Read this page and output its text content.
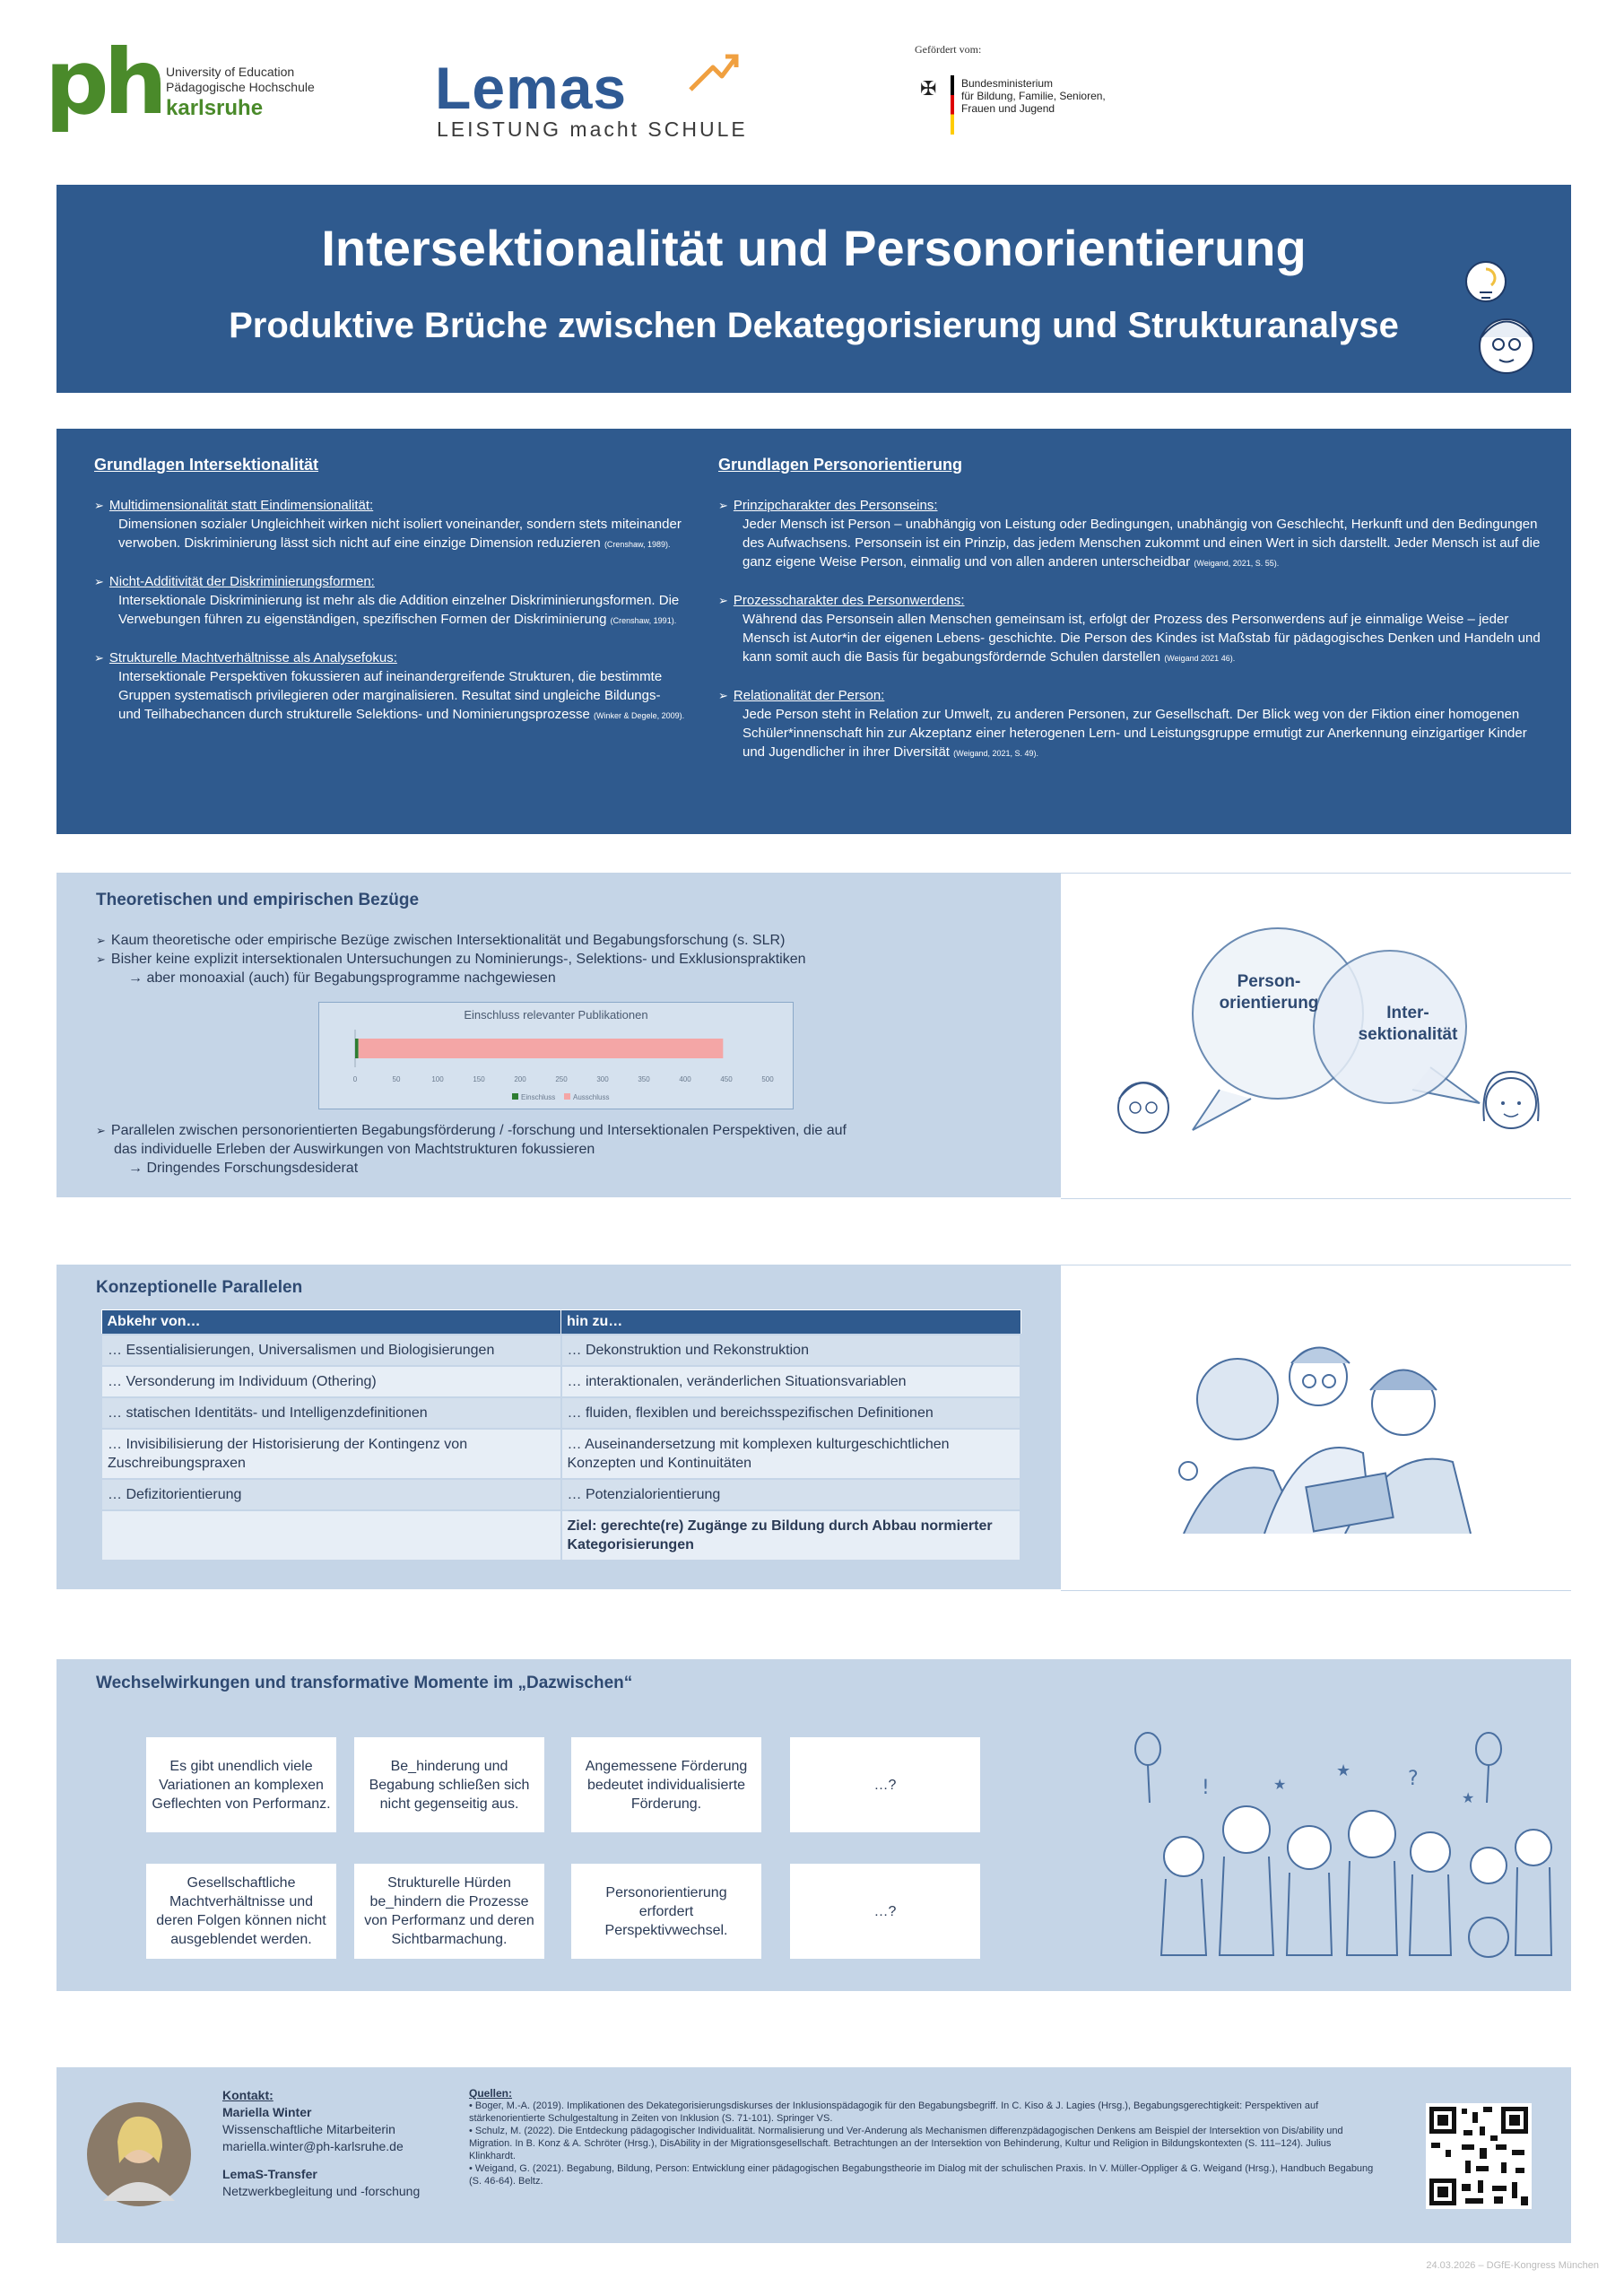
ph University of Education
Pädagogische Hochschule
karlsruhe	Lemas
LEISTUNG macht SCHULE
Gefördert vom:
✠ Bundesministerium
für Bildung, Familie, Senioren,
Frauen und Jugend
Intersektionalität und Personorientierung
Produktive Brüche zwischen Dekategorisierung und Strukturanalyse
Grundlagen Intersektionalität
➢ Multidimensionalität statt Eindimensionalität:
Dimensionen sozialer Ungleichheit wirken nicht isoliert voneinander, sondern stets miteinander verwoben. Diskriminierung lässt sich nicht auf eine einzige Dimension reduzieren (Crenshaw, 1989).
➢ Nicht-Additivität der Diskriminierungsformen:
Intersektionale Diskriminierung ist mehr als die Addition einzelner Diskriminierungsformen. Die Verwebungen führen zu eigenständigen, spezifischen Formen der Diskriminierung (Crenshaw, 1991).
➢ Strukturelle Machtverhältnisse als Analysefokus:
Intersektionale Perspektiven fokussieren auf ineinandergreifende Strukturen, die bestimmte Gruppen systematisch privilegieren oder marginalisieren. Resultat sind ungleiche Bildungs- und Teilhabechancen durch strukturelle Selektions- und Nominierungsprozesse (Winker & Degele, 2009).
Grundlagen Personorientierung
➢ Prinzipcharakter des Personseins:
Jeder Mensch ist Person – unabhängig von Leistung oder Bedingungen, unabhängig von Geschlecht, Herkunft und den Bedingungen des Aufwachsens. Personsein ist ein Prinzip, das jedem Menschen zukommt und einen Wert in sich darstellt. Jeder Mensch ist auf die ganz eigene Weise Person, einmalig und von allen anderen unterscheidbar (Weigand, 2021, S. 55).
➢ Prozesscharakter des Personwerdens:
Während das Personsein allen Menschen gemeinsam ist, erfolgt der Prozess des Personwerdens auf je einmalige Weise – jeder Mensch ist Autor*in der eigenen Lebens- geschichte. Die Person des Kindes ist Maßstab für pädagogisches Denken und Handeln und kann somit auch die Basis für begabungsfördernde Schulen darstellen (Weigand 2021 46).
➢ Relationalität der Person:
Jede Person steht in Relation zur Umwelt, zu anderen Personen, zur Gesellschaft. Der Blick weg von der Fiktion einer homogenen Schüler*innenschaft hin zur Akzeptanz einer heterogenen Lern- und Leistungsgruppe ermutigt zur Anerkennung einzigartiger Kinder und Jugendlicher in ihrer Diversität (Weigand, 2021, S. 49).
Theoretischen und empirischen Bezüge
➢ Kaum theoretische oder empirische Bezüge zwischen Intersektionalität und Begabungsforschung (s. SLR)
➢ Bisher keine explizit intersektionalen Untersuchungen zu Nominierungs-, Selektions- und Exklusionspraktiken
→ aber monoaxial (auch) für Begabungsprogramme nachgewiesen
Einschluss relevanter Publikationen
0	50	100	150	200	250	300	350	400	450	500
Einschluss Ausschluss
➢ Parallelen zwischen personorientierten Begabungsförderung / -forschung und Intersektionalen Perspektiven, die auf
das individuelle Erleben der Auswirkungen von Machtstrukturen fokussieren
→ Dringendes Forschungsdesiderat
Person-orientierung
Inter-sektionalität
Konzeptionelle Parallelen
Abkehr von…	hin zu…
… Essentialisierungen, Universalismen und Biologisierungen	… Dekonstruktion und Rekonstruktion
… Versonderung im Individuum (Othering)	… interaktionalen, veränderlichen Situationsvariablen
… statischen Identitäts- und Intelligenzdefinitionen	… fluiden, flexiblen und bereichsspezifischen Definitionen
… Invisibilisierung der Historisierung der Kontingenz von Zuschreibungspraxen	… Auseinandersetzung mit komplexen kulturgeschichtlichen Konzepten und Kontinuitäten
… Defizitorientierung	… Potenzialorientierung
	Ziel: gerechte(re) Zugänge zu Bildung durch Abbau normierter Kategorisierungen
Wechselwirkungen und transformative Momente im „Dazwischen“
Es gibt unendlich viele Variationen an komplexen Geflechten von Performanz.
Be_hinderung und Begabung schließen sich nicht gegenseitig aus.
Angemessene Förderung bedeutet individualisierte Förderung.
…?
Gesellschaftliche Machtverhältnisse und deren Folgen können nicht ausgeblendet werden.
Strukturelle Hürden be_hindern die Prozesse von Performanz und deren Sichtbarmachung.
Personorientierung erfordert Perspektivwechsel.
…?
!	?
★
★
★
Kontakt:
Mariella Winter
Wissenschaftliche Mitarbeiterin
mariella.winter@ph-karlsruhe.de
LemaS-Transfer
Netzwerkbegleitung und -forschung
Quellen:
• Boger, M.-A. (2019). Implikationen des Dekategorisierungsdiskurses der Inklusionspädagogik für den Begabungsbegriff. In C. Kiso & J. Lagies (Hrsg.), Begabungsgerechtigkeit: Perspektiven auf stärkenorientierte Schulgestaltung in Zeiten von Inklusion (S. 71-101). Springer VS.
• Schulz, M. (2022). Die Entdeckung pädagogischer Individualität. Normalisierung und Ver-Anderung als Mechanismen differenzpädagogischen Denkens am Beispiel der Intersektion von Dis/ability und Migration. In B. Konz & A. Schröter (Hrsg.), DisAbility in der Migrationsgesellschaft. Betrachtungen an der Intersektion von Behinderung, Kultur und Religion in Bildungskontexten (S. 111–124). Julius Klinkhardt.
• Weigand, G. (2021). Begabung, Bildung, Person: Entwicklung einer pädagogischen Begabungstheorie im Dialog mit der schulischen Praxis. In V. Müller-Oppliger & G. Weigand (Hrsg.), Handbuch Begabung (S. 46-64). Beltz.
24.03.2026 – DGfE-Kongress München
